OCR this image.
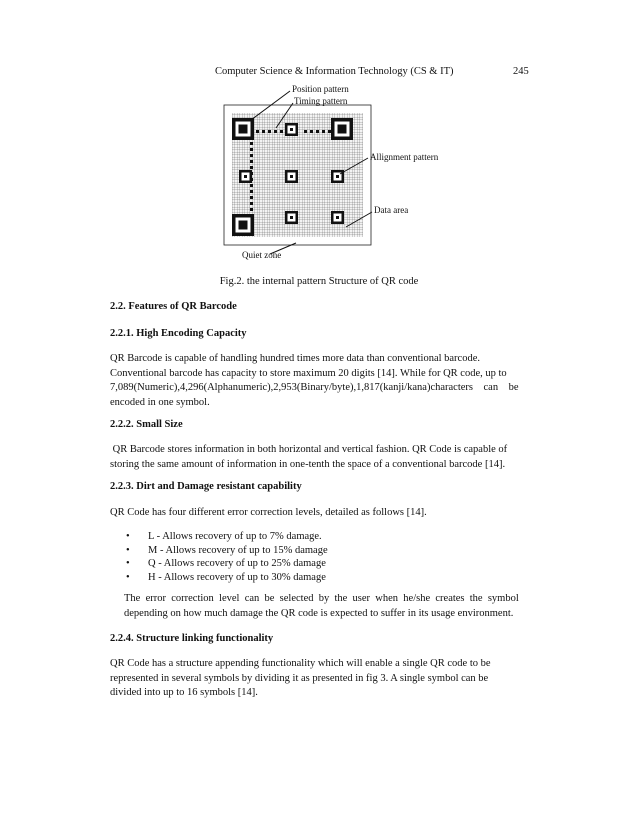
Computer Science & Information Technology (CS & IT)	245
Position pattern
Timing pattern
Allignment pattern
Data area
Quiet zone
Fig.2. the internal pattern Structure of QR code

2.2. Features of QR Barcode

2.2.1. High Encoding Capacity

QR Barcode is capable of handling hundred times more data than conventional barcode.
Conventional barcode has capacity to store maximum 20 digits [14]. While for QR code, up to
7,089(Numeric),4,296(Alphanumeric),2,953(Binary/byte),1,817(kanji/kana)characters    can    be
encoded in one symbol.

2.2.2. Small Size

QR Barcode stores information in both horizontal and vertical fashion. QR Code is capable of
storing the same amount of information in one-tenth the space of a conventional barcode [14].

2.2.3. Dirt and Damage resistant capability

QR Code has four different error correction levels, detailed as follows [14].
• L - Allows recovery of up to 7% damage.
• M - Allows recovery of up to 15% damage
• Q - Allows recovery of up to 25% damage
• H - Allows recovery of up to 30% damage
The  error  correction  level  can  be  selected  by  the  user  when  he/she  creates  the  symbol
depending on how much damage the QR code is expected to suffer in its usage environment.

2.2.4. Structure linking functionality

QR Code has a structure appending functionality which will enable a single QR code to be
represented in several symbols by dividing it as presented in fig 3. A single symbol can be
divided into up to 16 symbols [14].
